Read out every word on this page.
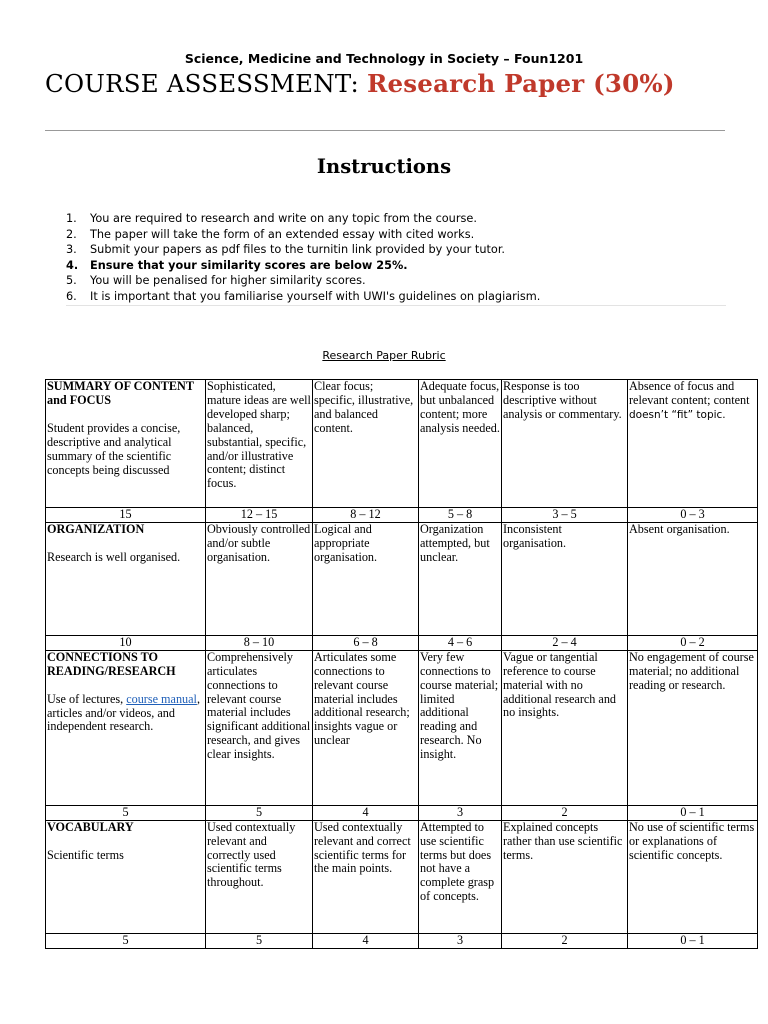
Science, Medicine and Technology in Society – Foun1201
COURSE ASSESSMENT: Research Paper (30%)
Instructions
1. You are required to research and write on any topic from the course.
2. The paper will take the form of an extended essay with cited works.
3. Submit your papers as pdf files to the turnitin link provided by your tutor.
4. Ensure that your similarity scores are below 25%.
5. You will be penalised for higher similarity scores.
6. It is important that you familiarise yourself with UWI's guidelines on plagiarism.
Research Paper Rubric
SUMMARY OF CONTENT and FOCUS
Student provides a concise, descriptive and analytical summary of the scientific concepts being discussed	Sophisticated, mature ideas are well developed sharp; balanced, substantial, specific, and/or illustrative content; distinct focus.	Clear focus; specific, illustrative, and balanced content.	Adequate focus, but unbalanced content; more analysis needed.	Response is too descriptive without analysis or commentary.	Absence of focus and relevant content; content doesn’t “fit” topic.
15	12 – 15	8 – 12	5 – 8	3 – 5	0 – 3

ORGANIZATION
Research is well organised.	Obviously controlled and/or subtle organisation.	Logical and appropriate organisation.	Organization attempted, but unclear.	Inconsistent organisation.	Absent organisation.
10	8 – 10	6 – 8	4 – 6	2 – 4	0 – 2

CONNECTIONS TO READING/RESEARCH
Use of lectures, course manual, articles and/or videos, and independent research.	Comprehensively articulates connections to relevant course material includes significant additional research, and gives clear insights.	Articulates some connections to relevant course material includes additional research; insights vague or unclear	Very few connections to course material; limited additional reading and research. No insight.	Vague or tangential reference to course material with no additional research and no insights.	No engagement of course material; no additional reading or research.
5	5	4	3	2	0 – 1

VOCABULARY
Scientific terms	Used contextually relevant and correctly used scientific terms throughout.	Used contextually relevant and correct scientific terms for the main points.	Attempted to use scientific terms but does not have a complete grasp of concepts.	Explained concepts rather than use scientific terms.	No use of scientific terms or explanations of scientific concepts.
5	5	4	3	2	0 – 1
